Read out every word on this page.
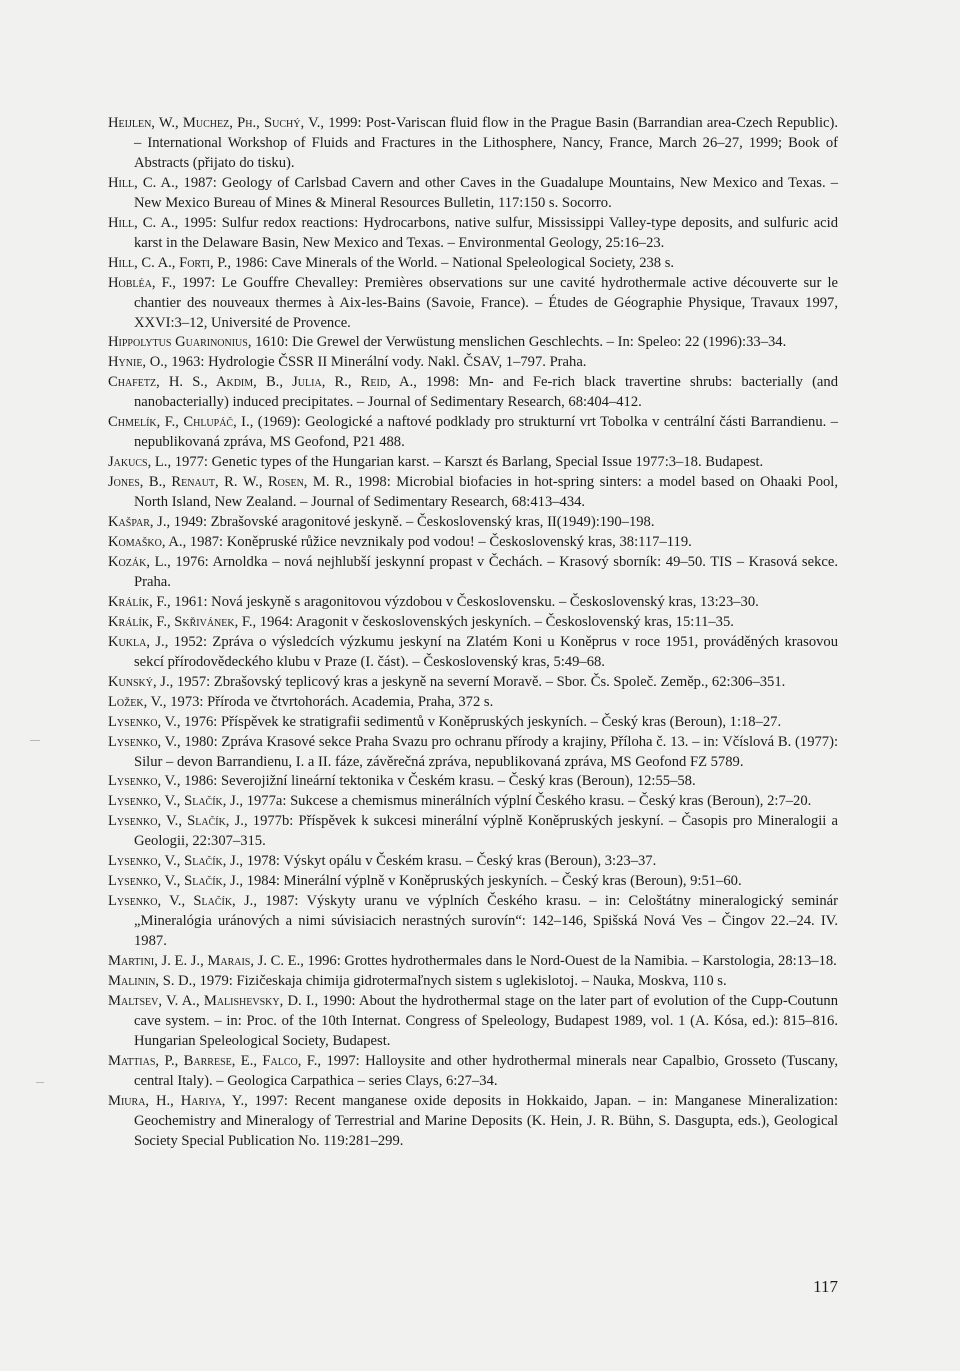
Heijlen, W., Muchez, Ph., Suchý, V., 1999: Post-Variscan fluid flow in the Prague Basin (Barrandian area-Czech Republic). – International Workshop of Fluids and Fractures in the Lithosphere, Nancy, France, March 26–27, 1999; Book of Abstracts (přijato do tisku).

Hill, C. A., 1987: Geology of Carlsbad Cavern and other Caves in the Guadalupe Mountains, New Mexico and Texas. – New Mexico Bureau of Mines & Mineral Resources Bulletin, 117:150 s. Socorro.

Hill, C. A., 1995: Sulfur redox reactions: Hydrocarbons, native sulfur, Mississippi Valley-type deposits, and sulfuric acid karst in the Delaware Basin, New Mexico and Texas. – Environmental Geology, 25:16–23.

Hill, C. A., Forti, P., 1986: Cave Minerals of the World. – National Speleological Society, 238 s.

Hobléa, F., 1997: Le Gouffre Chevalley: Premières observations sur une cavité hydrothermale active découverte sur le chantier des nouveaux thermes à Aix-les-Bains (Savoie, France). – Études de Géographie Physique, Travaux 1997, XXVI:3–12, Université de Provence.

Hippolytus Guarinonius, 1610: Die Grewel der Verwüstung menslichen Geschlechts. – In: Speleo: 22 (1996):33–34.

Hynie, O., 1963: Hydrologie ČSSR II Minerální vody. Nakl. ČSAV, 1–797. Praha.

Chafetz, H. S., Akdim, B., Julia, R., Reid, A., 1998: Mn- and Fe-rich black travertine shrubs: bacterially (and nanobacterially) induced precipitates. – Journal of Sedimentary Research, 68:404–412.

Chmelík, F., Chlupáč, I., (1969): Geologické a naftové podklady pro strukturní vrt Tobolka v centrální části Barrandienu. – nepublikovaná zpráva, MS Geofond, P21 488.

Jakucs, L., 1977: Genetic types of the Hungarian karst. – Karszt és Barlang, Special Issue 1977:3–18. Budapest.

Jones, B., Renaut, R. W., Rosen, M. R., 1998: Microbial biofacies in hot-spring sinters: a model based on Ohaaki Pool, North Island, New Zealand. – Journal of Sedimentary Research, 68:413–434.

Kašpar, J., 1949: Zbrašovské aragonitové jeskyně. – Československý kras, II(1949):190–198.

Komaško, A., 1987: Koněpruské růžice nevznikaly pod vodou! – Československý kras, 38:117–119.

Kozák, L., 1976: Arnoldka – nová nejhlubší jeskynní propast v Čechách. – Krasový sborník: 49–50. TIS – Krasová sekce. Praha.

Králík, F., 1961: Nová jeskyně s aragonitovou výzdobou v Československu. – Československý kras, 13:23–30.

Králík, F., Skřivánek, F., 1964: Aragonit v československých jeskyních. – Československý kras, 15:11–35.

Kukla, J., 1952: Zpráva o výsledcích výzkumu jeskyní na Zlatém Koni u Koněprus v roce 1951, prováděných krasovou sekcí přírodovědeckého klubu v Praze (I. část). – Československý kras, 5:49–68.

Kunský, J., 1957: Zbrašovský teplicový kras a jeskyně na severní Moravě. – Sbor. Čs. Společ. Zeměp., 62:306–351.

Ložek, V., 1973: Příroda ve čtvrtohorách. Academia, Praha, 372 s.

Lysenko, V., 1976: Příspěvek ke stratigrafii sedimentů v Koněpruských jeskyních. – Český kras (Beroun), 1:18–27.

Lysenko, V., 1980: Zpráva Krasové sekce Praha Svazu pro ochranu přírody a krajiny, Příloha č. 13. – in: Včíslová B. (1977): Silur – devon Barrandienu, I. a II. fáze, závěrečná zpráva, nepublikovaná zpráva, MS Geofond FZ 5789.

Lysenko, V., 1986: Severojižní lineární tektonika v Českém krasu. – Český kras (Beroun), 12:55–58.

Lysenko, V., Slačík, J., 1977a: Sukcese a chemismus minerálních výplní Českého krasu. – Český kras (Beroun), 2:7–20.

Lysenko, V., Slačík, J., 1977b: Příspěvek k sukcesi minerální výplně Koněpruských jeskyní. – Časopis pro Mineralogii a Geologii, 22:307–315.

Lysenko, V., Slačík, J., 1978: Výskyt opálu v Českém krasu. – Český kras (Beroun), 3:23–37.

Lysenko, V., Slačík, J., 1984: Minerální výplně v Koněpruských jeskyních. – Český kras (Beroun), 9:51–60.

Lysenko, V., Slačík, J., 1987: Výskyty uranu ve výplních Českého krasu. – in: Celoštátny mineralogický seminár „Mineralógia uránových a nimi súvisiacich nerastných surovín“: 142–146, Spišská Nová Ves – Čingov 22.–24. IV. 1987.

Martini, J. E. J., Marais, J. C. E., 1996: Grottes hydrothermales dans le Nord-Ouest de la Namibia. – Karstologia, 28:13–18.

Malinin, S. D., 1979: Fizičeskaja chimija gidrotermaľnych sistem s uglekislotoj. – Nauka, Moskva, 110 s.

Maltsev, V. A., Malishevsky, D. I., 1990: About the hydrothermal stage on the later part of evolution of the Cupp-Coutunn cave system. – in: Proc. of the 10th Internat. Congress of Speleology, Budapest 1989, vol. 1 (A. Kósa, ed.): 815–816. Hungarian Speleological Society, Budapest.

Mattias, P., Barrese, E., Falco, F., 1997: Halloysite and other hydrothermal minerals near Capalbio, Grosseto (Tuscany, central Italy). – Geologica Carpathica – series Clays, 6:27–34.

Miura, H., Hariya, Y., 1997: Recent manganese oxide deposits in Hokkaido, Japan. – in: Manganese Mineralization: Geochemistry and Mineralogy of Terrestrial and Marine Deposits (K. Hein, J. R. Bühn, S. Dasgupta, eds.), Geological Society Special Publication No. 119:281–299.

117
